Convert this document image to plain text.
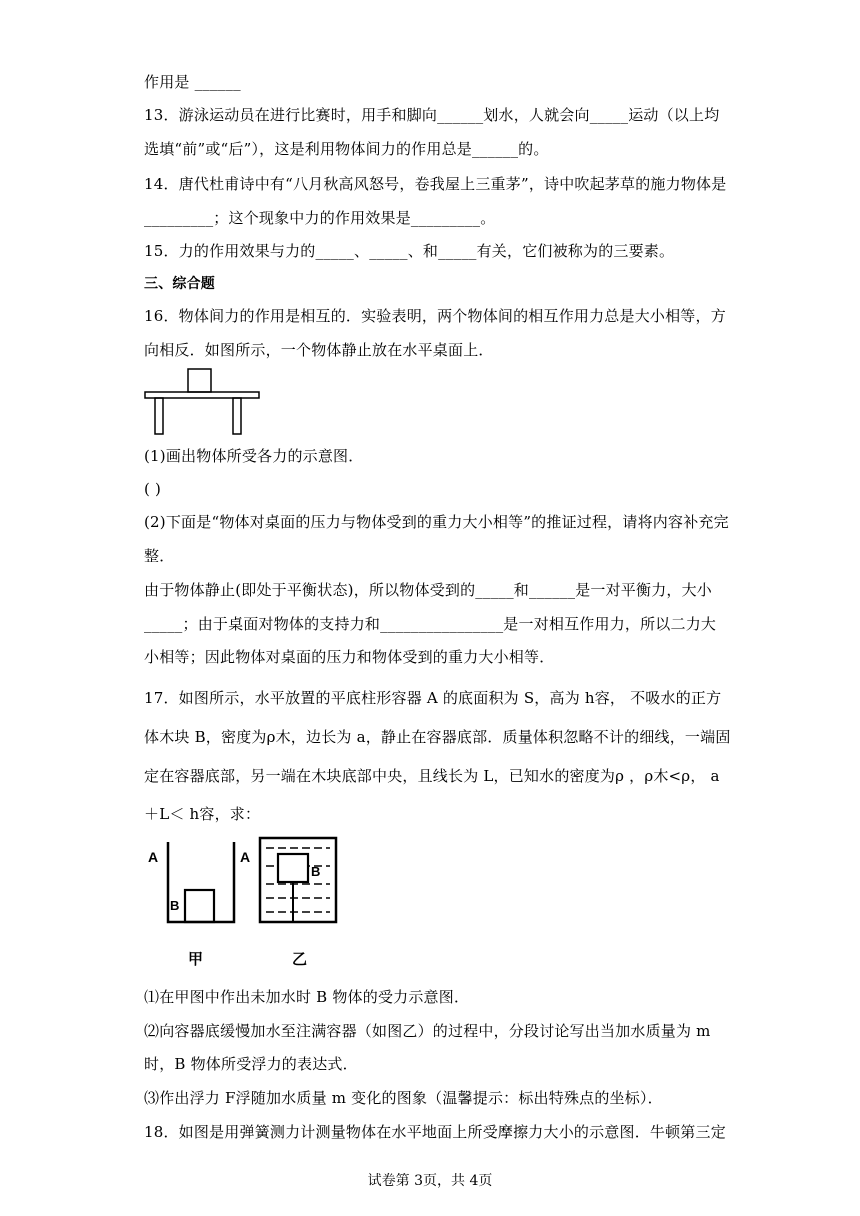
作用是 ______
13．游泳运动员在进行比赛时，用手和脚向______划水，人就会向_____运动（以上均
选填“前”或“后”），这是利用物体间力的作用总是______的。
14．唐代杜甫诗中有“八月秋高风怒号，卷我屋上三重茅”，诗中吹起茅草的施力物体是
_________；这个现象中力的作用效果是_________。
15．力的作用效果与力的_____、_____、和_____有关，它们被称为的三要素。
三、综合题
16．物体间力的作用是相互的．实验表明，两个物体间的相互作用力总是大小相等，方
向相反．如图所示，一个物体静止放在水平桌面上．
(1)画出物体所受各力的示意图．
( )
(2)下面是“物体对桌面的压力与物体受到的重力大小相等”的推证过程，请将内容补充完
整．
由于物体静止(即处于平衡状态)，所以物体受到的_____和______是一对平衡力，大小
_____；由于桌面对物体的支持力和________________是一对相互作用力，所以二力大
小相等；因此物体对桌面的压力和物体受到的重力大小相等．
17．如图所示，水平放置的平底柱形容器 A 的底面积为 S，高为 h容， 不吸水的正方
体木块 B，密度为ρ木，边长为 a，静止在容器底部．质量体积忽略不计的细线，一端固
定在容器底部，另一端在木块底部中央，且线长为 L，已知水的密度为ρ ，ρ木<ρ， a
＋L＜ h容，求：
A
B
甲
A
B
乙
⑴在甲图中作出未加水时 B 物体的受力示意图．
⑵向容器底缓慢加水至注满容器（如图乙）的过程中，分段讨论写出当加水质量为 m
时，B 物体所受浮力的表达式．
⑶作出浮力 F浮随加水质量 m 变化的图象（温馨提示：标出特殊点的坐标）．
18．如图是用弹簧测力计测量物体在水平地面上所受摩擦力大小的示意图．牛顿第三定
试卷第 3页，共 4页
